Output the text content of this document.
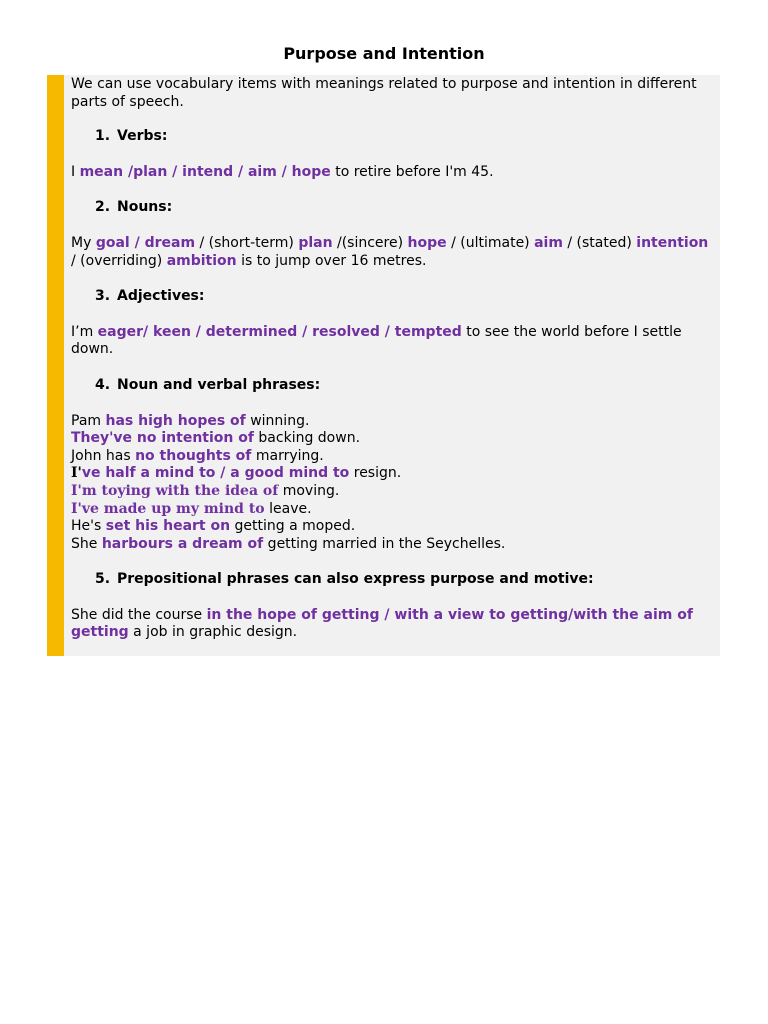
Purpose and Intention

We can use vocabulary items with meanings related to purpose and intention in different parts of speech.

1. Verbs:

I mean /plan / intend / aim / hope to retire before I'm 45.

2. Nouns:

My goal / dream / (short-term) plan /(sincere) hope / (ultimate) aim / (stated) intention / (overriding) ambition is to jump over 16 metres.

3. Adjectives:

I’m eager/ keen / determined / resolved / tempted to see the world before I settle down.

4. Noun and verbal phrases:

Pam has high hopes of winning.

They've no intention of backing down.

John has no thoughts of marrying.

I've half a mind to / a good mind to resign.

I'm toying with the idea of moving.

I've made up my mind to leave.

He's set his heart on getting a moped.

She harbours a dream of getting married in the Seychelles.

5. Prepositional phrases can also express purpose and motive:

She did the course in the hope of getting / with a view to getting/with the aim of getting a job in graphic design.
